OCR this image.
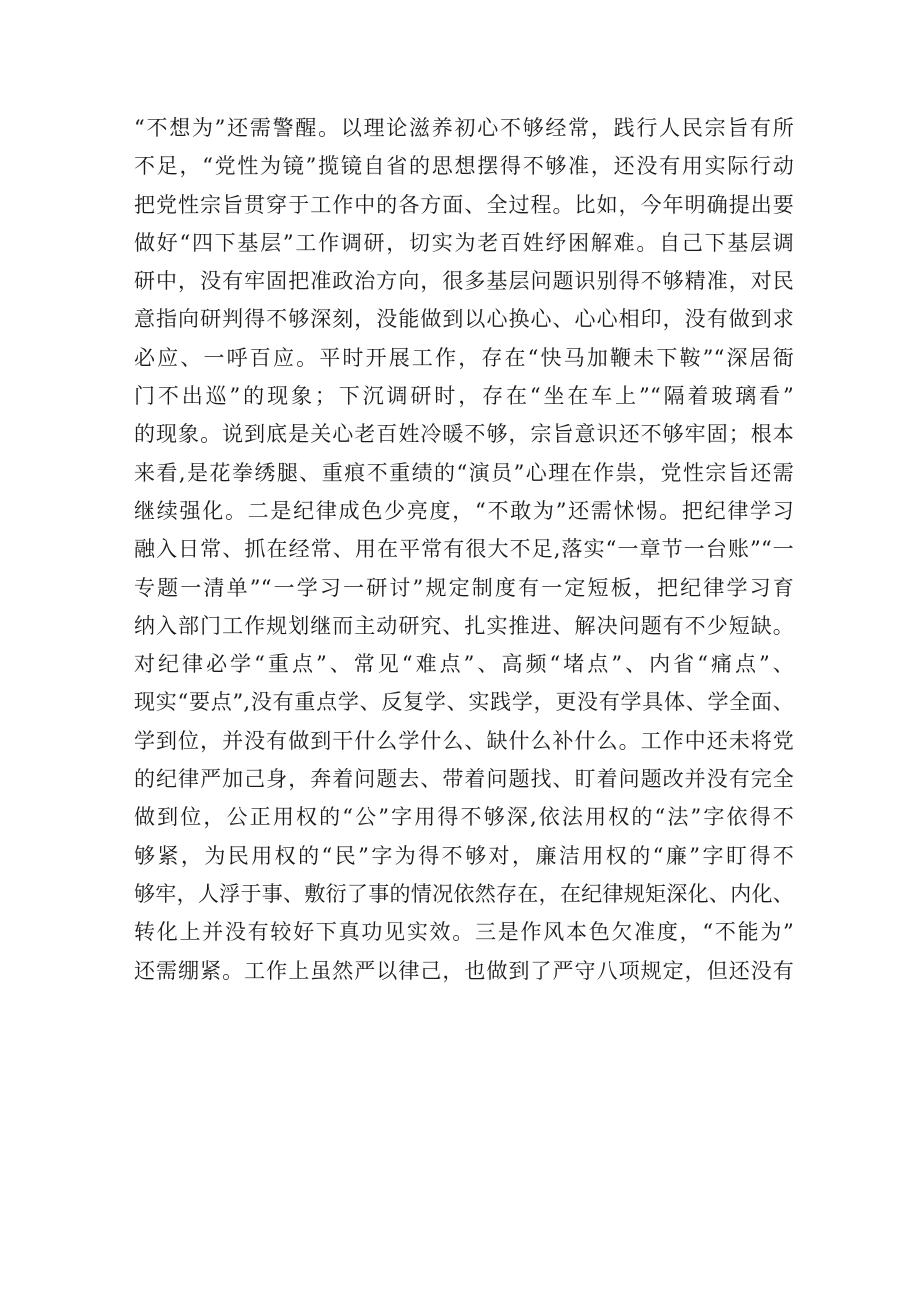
“不想为”还需警醒。以理论滋养初心不够经常，践行人民宗旨有所
不足，“党性为镜”揽镜自省的思想摆得不够准，还没有用实际行动
把党性宗旨贯穿于工作中的各方面、全过程。比如，今年明确提出要
做好“四下基层”工作调研，切实为老百姓纾困解难。自己下基层调
研中，没有牢固把准政治方向，很多基层问题识别得不够精准，对民
意指向研判得不够深刻，没能做到以心换心、心心相印，没有做到求
必应、一呼百应。平时开展工作，存在“快马加鞭未下鞍”“深居衙
门不出巡”的现象；下沉调研时，存在“坐在车上”“隔着玻璃看”
的现象。说到底是关心老百姓冷暖不够，宗旨意识还不够牢固；根本
来看,是花拳绣腿、重痕不重绩的“演员”心理在作祟，党性宗旨还需
继续强化。二是纪律成色少亮度，“不敢为”还需怵惕。把纪律学习
融入日常、抓在经常、用在平常有很大不足,落实“一章节一台账”“一
专题一清单”“一学习一研讨”规定制度有一定短板，把纪律学习育
纳入部门工作规划继而主动研究、扎实推进、解决问题有不少短缺。
对纪律必学“重点”、常见“难点”、高频“堵点”、内省“痛点”、
现实“要点”,没有重点学、反复学、实践学，更没有学具体、学全面、
学到位，并没有做到干什么学什么、缺什么补什么。工作中还未将党
的纪律严加己身，奔着问题去、带着问题找、盯着问题改并没有完全
做到位，公正用权的“公”字用得不够深,依法用权的“法”字依得不
够紧，为民用权的“民”字为得不够对，廉洁用权的“廉”字盯得不
够牢，人浮于事、敷衍了事的情况依然存在，在纪律规矩深化、内化、
转化上并没有较好下真功见实效。三是作风本色欠准度，“不能为”
还需绷紧。工作上虽然严以律己，也做到了严守八项规定，但还没有
